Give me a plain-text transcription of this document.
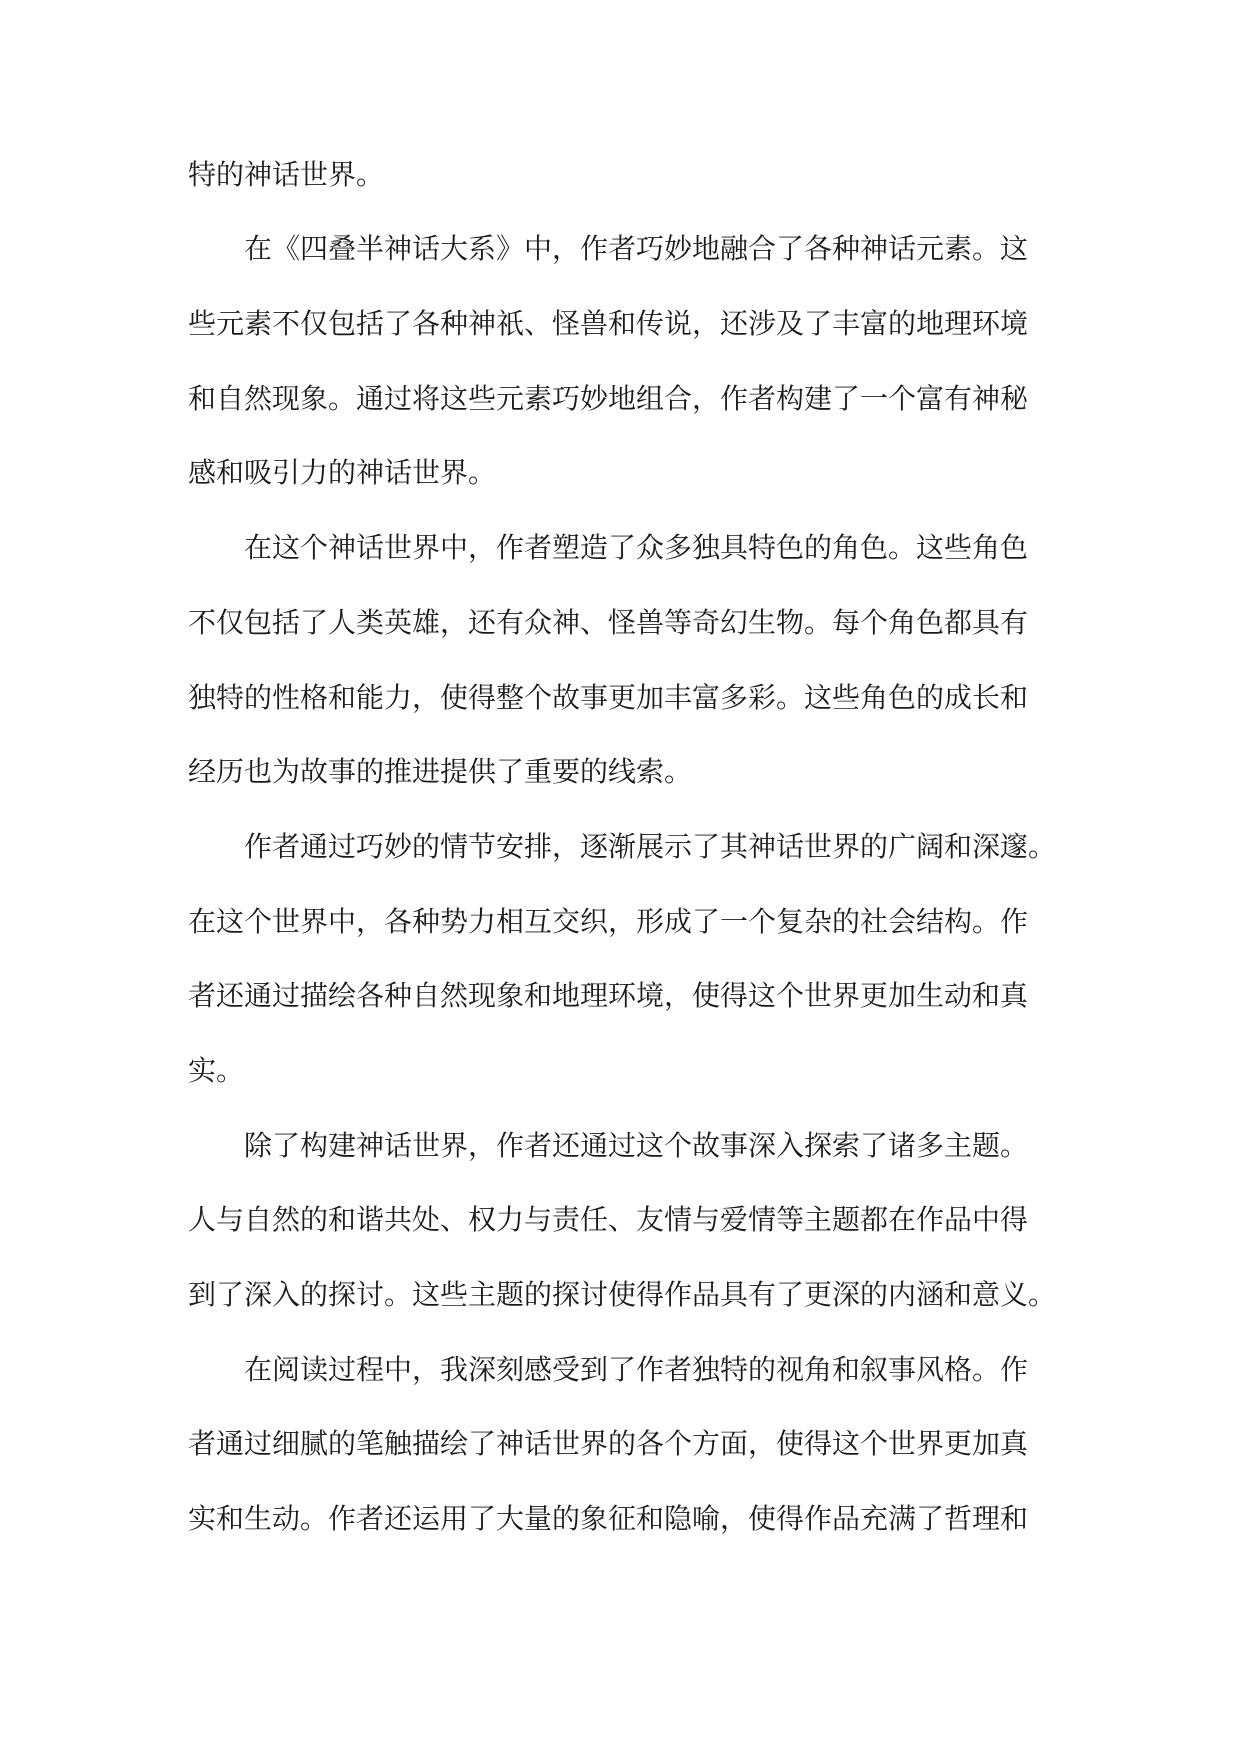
特的神话世界。
　　在《四叠半神话大系》中，作者巧妙地融合了各种神话元素。这
些元素不仅包括了各种神祇、怪兽和传说，还涉及了丰富的地理环境
和自然现象。通过将这些元素巧妙地组合，作者构建了一个富有神秘
感和吸引力的神话世界。
　　在这个神话世界中，作者塑造了众多独具特色的角色。这些角色
不仅包括了人类英雄，还有众神、怪兽等奇幻生物。每个角色都具有
独特的性格和能力，使得整个故事更加丰富多彩。这些角色的成长和
经历也为故事的推进提供了重要的线索。
　　作者通过巧妙的情节安排，逐渐展示了其神话世界的广阔和深邃。
在这个世界中，各种势力相互交织，形成了一个复杂的社会结构。作
者还通过描绘各种自然现象和地理环境，使得这个世界更加生动和真
实。
　　除了构建神话世界，作者还通过这个故事深入探索了诸多主题。
人与自然的和谐共处、权力与责任、友情与爱情等主题都在作品中得
到了深入的探讨。这些主题的探讨使得作品具有了更深的内涵和意义。
　　在阅读过程中，我深刻感受到了作者独特的视角和叙事风格。作
者通过细腻的笔触描绘了神话世界的各个方面，使得这个世界更加真
实和生动。作者还运用了大量的象征和隐喻，使得作品充满了哲理和
